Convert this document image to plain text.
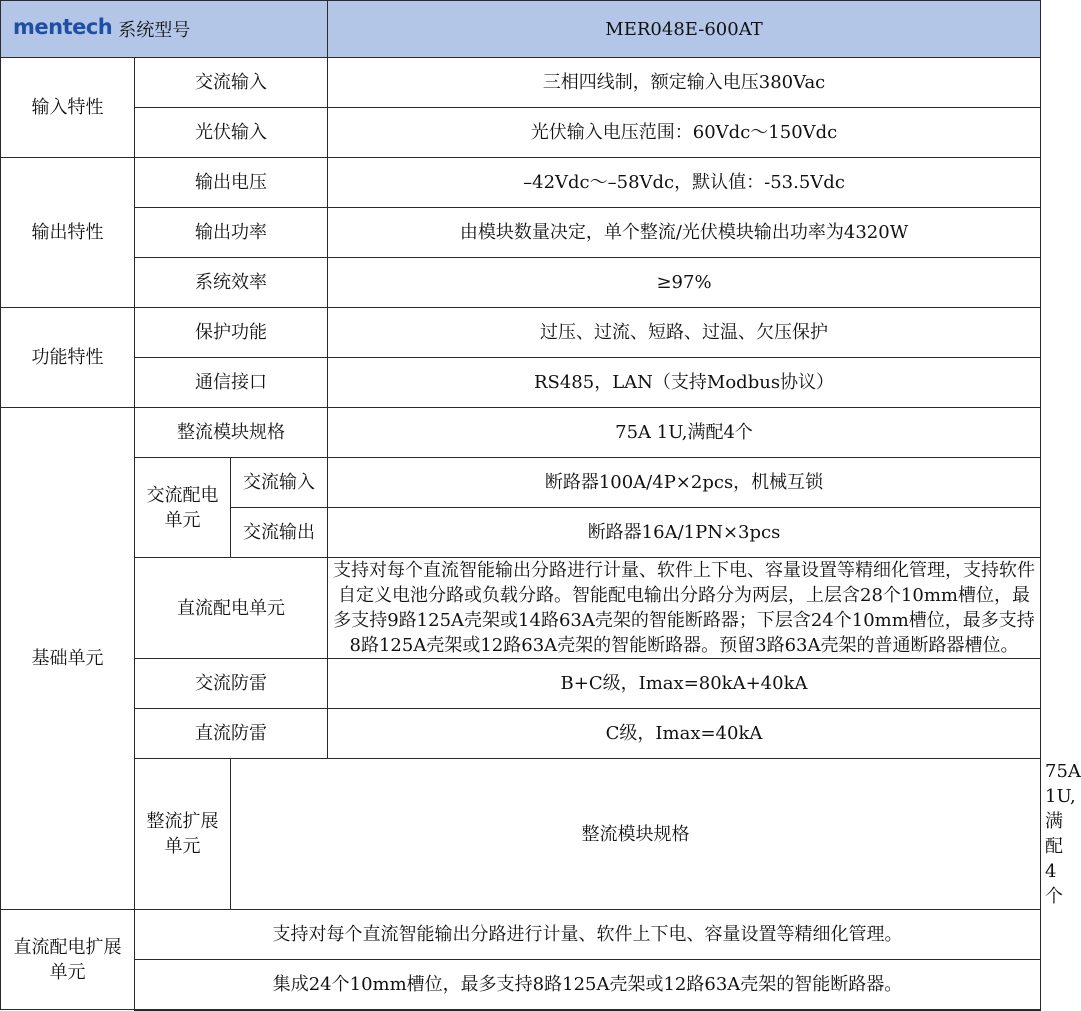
mentech 系统型号			MER048E-600AT	
输入特性	交流输入		三相四线制，额定输入电压380Vac	
	光伏输入		光伏输入电压范围：60Vdc～150Vdc	
输出特性	输出电压		–42Vdc～–58Vdc，默认值：-53.5Vdc	
	输出功率		由模块数量决定，单个整流/光伏模块输出功率为4320W	
	系统效率		≥97%	
功能特性	保护功能		过压、过流、短路、过温、欠压保护	
	通信接口		RS485，LAN（支持Modbus协议）	
基础单元	整流模块规格		75A 1U,满配4个	
	交流配电单元	交流输入	断路器100A/4P×2pcs，机械互锁	
		交流输出	断路器16A/1PN×3pcs	
	直流配电单元		支持对每个直流智能输出分路进行计量、软件上下电、容量设置等精细化管理，支持软件自定义电池分路或负载分路。智能配电输出分路分为两层，上层含28个10mm槽位，最多支持9路125A壳架或14路63A壳架的智能断路器；下层含24个10mm槽位，最多支持8路125A壳架或12路63A壳架的智能断路器。预留3路63A壳架的普通断路器槽位。	
	交流防雷		B+C级，Imax=80kA+40kA	
	直流防雷		C级，Imax=40kA	
	整流扩展单元	整流模块规格		75A 1U,满配 4个
直流配电扩展单元	支持对每个直流智能输出分路进行计量、软件上下电、容量设置等精细化管理。			
	集成24个10mm槽位，最多支持8路125A壳架或12路63A壳架的智能断路器。			
